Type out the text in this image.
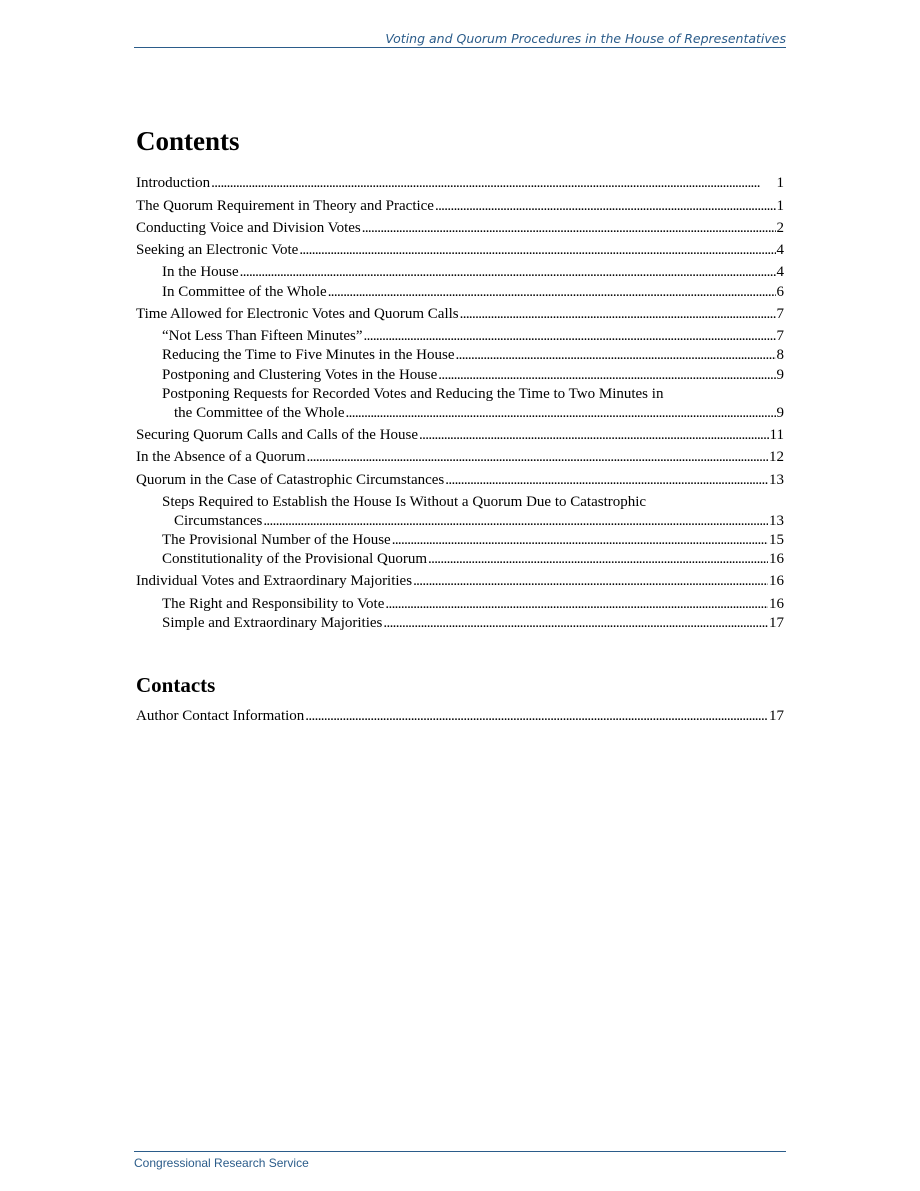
Voting and Quorum Procedures in the House of Representatives
Contents
Introduction . . .	1
The Quorum Requirement in Theory and Practice . . .	1
Conducting Voice and Division Votes . . .	2
Seeking an Electronic Vote . . .	4
In the House . . .	4
In Committee of the Whole . . .	6
Time Allowed for Electronic Votes and Quorum Calls . . .	7
“Not Less Than Fifteen Minutes” . . .	7
Reducing the Time to Five Minutes in the House . . .	8
Postponing and Clustering Votes in the House . . .	9
Postponing Requests for Recorded Votes and Reducing the Time to Two Minutes in
the Committee of the Whole . . .	9
Securing Quorum Calls and Calls of the House . . .	11
In the Absence of a Quorum . . .	12
Quorum in the Case of Catastrophic Circumstances . . .	13
Steps Required to Establish the House Is Without a Quorum Due to Catastrophic
Circumstances . . .	13
The Provisional Number of the House . . .	15
Constitutionality of the Provisional Quorum . . .	16
Individual Votes and Extraordinary Majorities . . .	16
The Right and Responsibility to Vote . . .	16
Simple and Extraordinary Majorities . . .	17
Contacts
Author Contact Information . . .	17
Congressional Research Service
